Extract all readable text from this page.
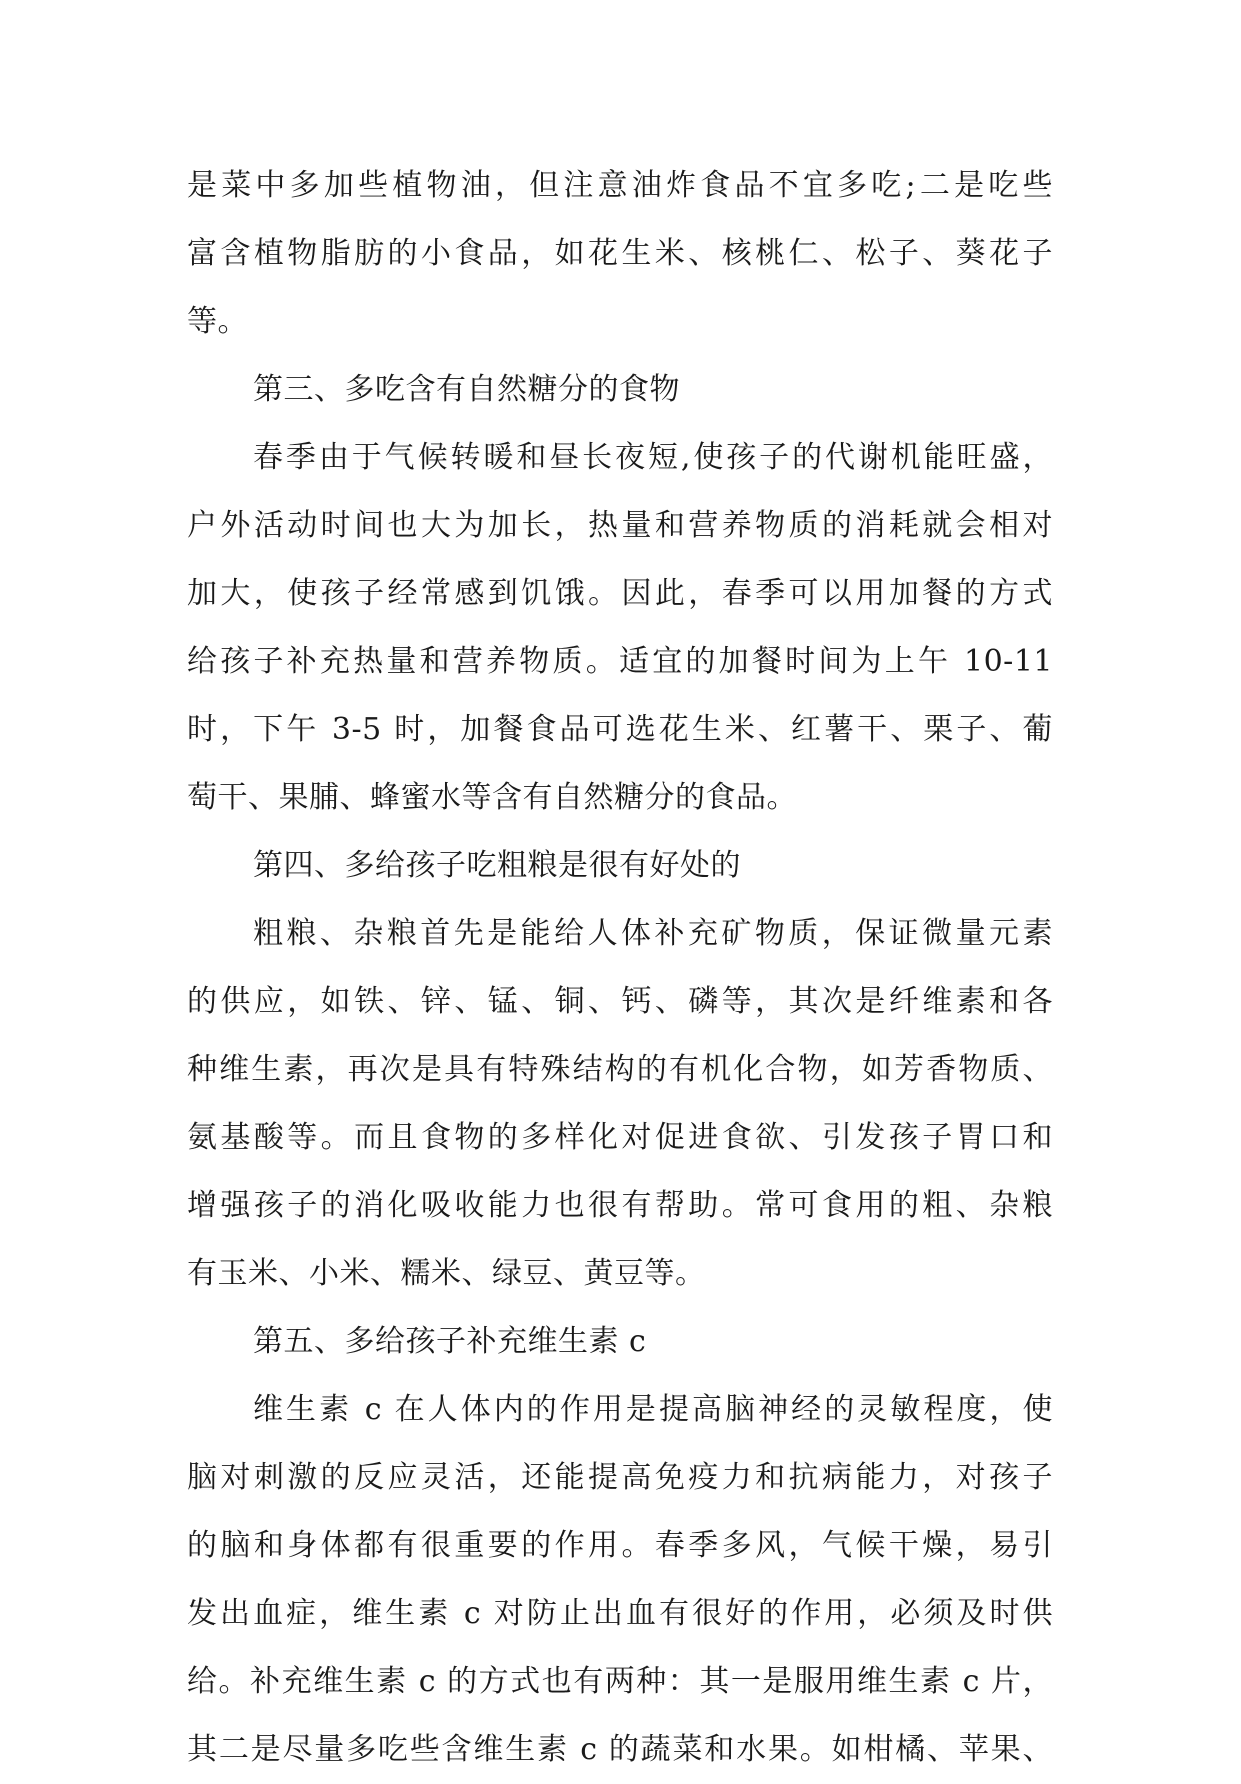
是菜中多加些植物油，但注意油炸食品不宜多吃;二是吃些
富含植物脂肪的小食品，如花生米、核桃仁、松子、葵花子
等。
第三、多吃含有自然糖分的食物
春季由于气候转暖和昼长夜短,使孩子的代谢机能旺盛，
户外活动时间也大为加长，热量和营养物质的消耗就会相对
加大，使孩子经常感到饥饿。因此，春季可以用加餐的方式
给孩子补充热量和营养物质。适宜的加餐时间为上午 10-11
时，下午 3-5 时，加餐食品可选花生米、红薯干、栗子、葡
萄干、果脯、蜂蜜水等含有自然糖分的食品。
第四、多给孩子吃粗粮是很有好处的
粗粮、杂粮首先是能给人体补充矿物质，保证微量元素
的供应，如铁、锌、锰、铜、钙、磷等，其次是纤维素和各
种维生素，再次是具有特殊结构的有机化合物，如芳香物质、
氨基酸等。而且食物的多样化对促进食欲、引发孩子胃口和
增强孩子的消化吸收能力也很有帮助。常可食用的粗、杂粮
有玉米、小米、糯米、绿豆、黄豆等。
第五、多给孩子补充维生素 c
维生素 c 在人体内的作用是提高脑神经的灵敏程度，使
脑对刺激的反应灵活，还能提高免疫力和抗病能力，对孩子
的脑和身体都有很重要的作用。春季多风，气候干燥，易引
发出血症，维生素 c 对防止出血有很好的作用，必须及时供
给。补充维生素 c 的方式也有两种：其一是服用维生素 c 片，
其二是尽量多吃些含维生素 c 的蔬菜和水果。如柑橘、苹果、
